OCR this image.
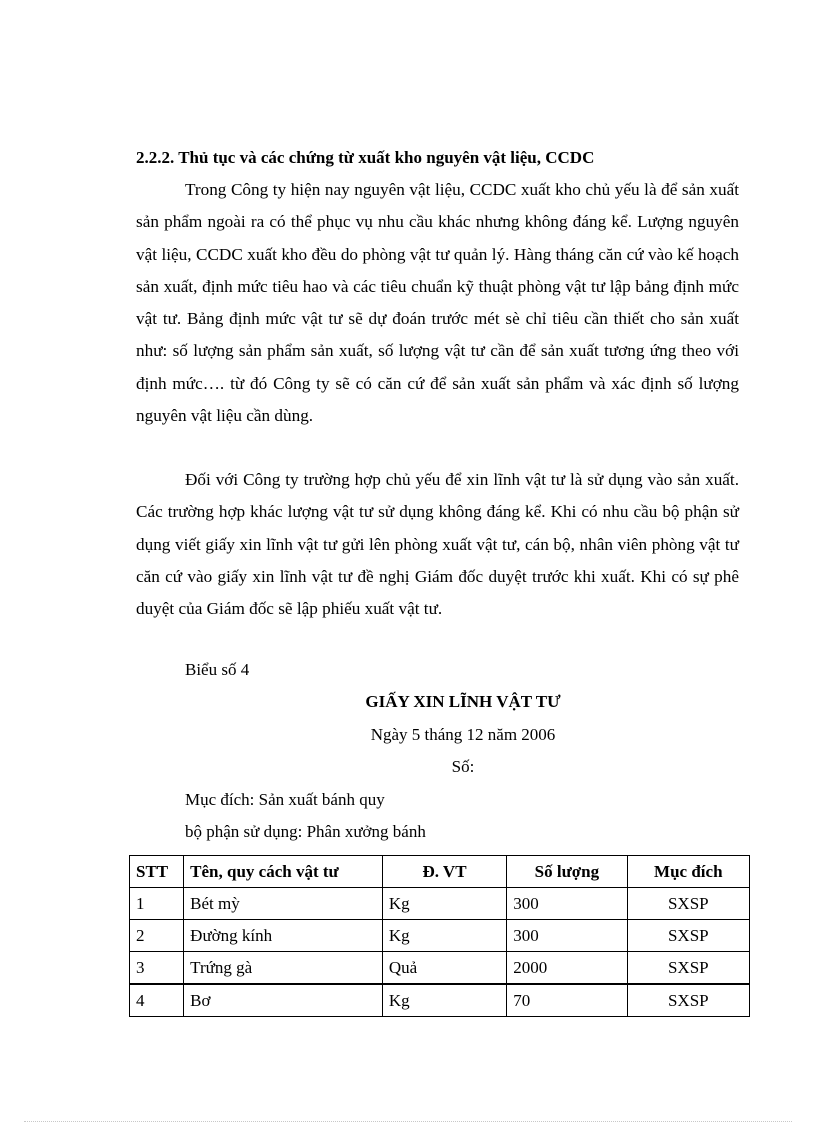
2.2.2. Thủ tục và các chứng từ xuất kho nguyên vật liệu, CCDC

Trong Công ty hiện nay nguyên vật liệu, CCDC xuất kho chủ yếu là để sản xuất sản phẩm ngoài ra có thể phục vụ nhu cầu khác nhưng không đáng kể. Lượng nguyên vật liệu, CCDC xuất kho đều do phòng vật tư quản lý. Hàng tháng căn cứ vào kế hoạch sản xuất, định mức tiêu hao và các tiêu chuẩn kỹ thuật phòng vật tư lập bảng định mức vật tư. Bảng định mức vật tư sẽ dự đoán trước mét sè chỉ tiêu cần thiết cho sản xuất như: số lượng sản phẩm sản xuất, số lượng vật tư cần để sản xuất tương ứng theo với định mức…. từ đó Công ty sẽ có căn cứ để sản xuất sản phẩm và xác định số lượng nguyên vật liệu cần dùng.

Đối với Công ty trường hợp chủ yếu để xin lĩnh vật tư là sử dụng vào sản xuất. Các trường hợp khác lượng vật tư sử dụng không đáng kể. Khi có nhu cầu bộ phận sử dụng viết giấy xin lĩnh vật tư gửi lên phòng xuất vật tư, cán bộ, nhân viên phòng vật tư căn cứ vào giấy xin lĩnh vật tư đề nghị Giám đốc duyệt trước khi xuất. Khi có sự phê duyệt của Giám đốc sẽ lập phiếu xuất vật tư.

Biểu số 4
GIẤY XIN LĨNH VẬT TƯ
Ngày 5 tháng 12 năm 2006
Số:
Mục đích: Sản xuất bánh quy
bộ phận sử dụng: Phân xưởng bánh
STT	Tên, quy cách vật tư	Đ. VT	Số lượng	Mục đích
1	Bét mỳ	Kg	300	SXSP
2	Đường kính	Kg	300	SXSP
3	Trứng gà	Quả	2000	SXSP
4	Bơ	Kg	70	SXSP
